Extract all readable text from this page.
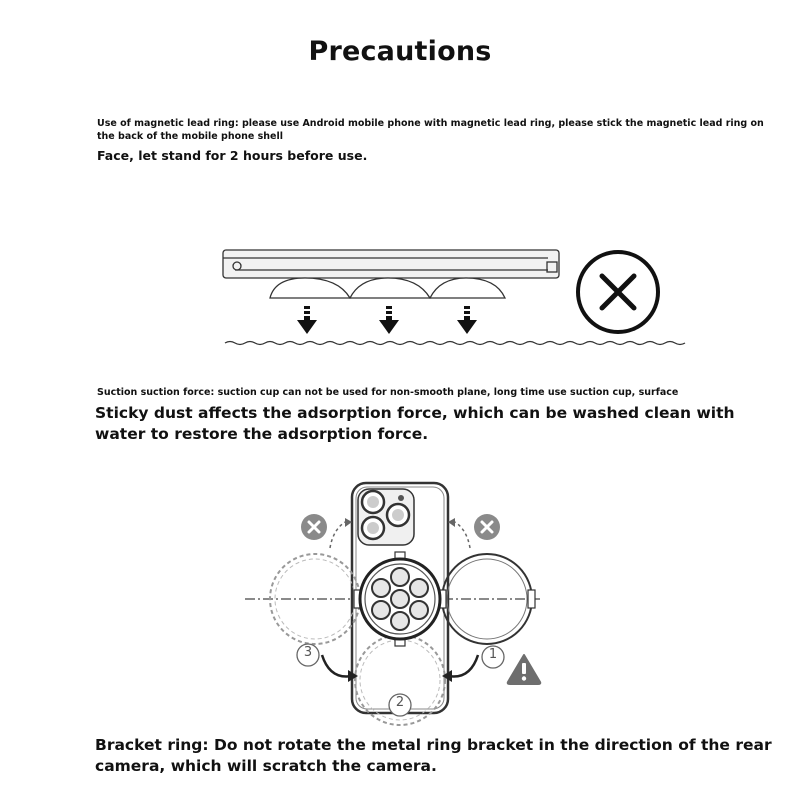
Precautions
Use of magnetic lead ring: please use Android mobile phone with magnetic lead ring, please stick the magnetic lead ring on
the back of the mobile phone shell
Face, let stand for 2 hours before use.
Suction suction force: suction cup can not be used for non-smooth plane, long time use suction cup, surface
Sticky dust affects the adsorption force, which can be washed clean with
water to restore the adsorption force.
3	1
2
Bracket ring: Do not rotate the metal ring bracket in the direction of the rear
camera, which will scratch the camera.
